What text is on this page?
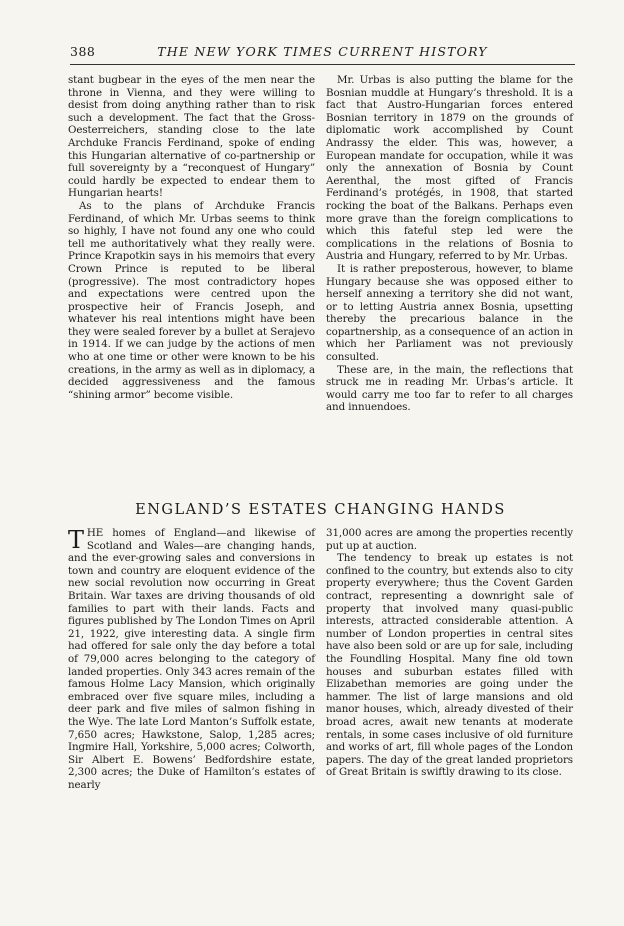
388	THE NEW YORK TIMES CURRENT HISTORY

stant bugbear in the eyes of the men near the throne in Vienna, and they were willing to desist from doing anything rather than to risk such a development. The fact that the Gross-Oesterreichers, standing close to the late Archduke Francis Ferdinand, spoke of ending this Hungarian alternative of co-partnership or full sovereignty by a “reconquest of Hungary” could hardly be expected to endear them to Hungarian hearts!

As to the plans of Archduke Francis Ferdinand, of which Mr. Urbas seems to think so highly, I have not found any one who could tell me authoritatively what they really were. Prince Krapotkin says in his memoirs that every Crown Prince is reputed to be liberal (progressive). The most contradictory hopes and expectations were centred upon the prospective heir of Francis Joseph, and whatever his real intentions might have been they were sealed forever by a bullet at Serajevo in 1914. If we can judge by the actions of men who at one time or other were known to be his creations, in the army as well as in diplomacy, a decided aggressiveness and the famous “shining armor” become visible.

Mr. Urbas is also putting the blame for the Bosnian muddle at Hungary’s threshold. It is a fact that Austro-Hungarian forces entered Bosnian territory in 1879 on the grounds of diplomatic work accomplished by Count Andrassy the elder. This was, however, a European mandate for occupation, while it was only the annexation of Bosnia by Count Aerenthal, the most gifted of Francis Ferdinand’s protégés, in 1908, that started rocking the boat of the Balkans. Perhaps even more grave than the foreign complications to which this fateful step led were the complications in the relations of Bosnia to Austria and Hungary, referred to by Mr. Urbas.

It is rather preposterous, however, to blame Hungary because she was opposed either to herself annexing a territory she did not want, or to letting Austria annex Bosnia, upsetting thereby the precarious balance in the copartnership, as a consequence of an action in which her Parliament was not previously consulted.

These are, in the main, the reflections that struck me in reading Mr. Urbas’s article. It would carry me too far to refer to all charges and innuendoes.

ENGLAND’S ESTATES CHANGING HANDS

THE homes of England—and likewise of Scotland and Wales—are changing hands, and the ever-growing sales and conversions in town and country are eloquent evidence of the new social revolution now occurring in Great Britain. War taxes are driving thousands of old families to part with their lands. Facts and figures published by The London Times on April 21, 1922, give interesting data. A single firm had offered for sale only the day before a total of 79,000 acres belonging to the category of landed properties. Only 343 acres remain of the famous Holme Lacy Mansion, which originally embraced over five square miles, including a deer park and five miles of salmon fishing in the Wye. The late Lord Manton’s Suffolk estate, 7,650 acres; Hawkstone, Salop, 1,285 acres; Ingmire Hall, Yorkshire, 5,000 acres; Colworth, Sir Albert E. Bowens’ Bedfordshire estate, 2,300 acres; the Duke of Hamilton’s estates of nearly

31,000 acres are among the properties recently put up at auction.

The tendency to break up estates is not confined to the country, but extends also to city property everywhere; thus the Covent Garden contract, representing a downright sale of property that involved many quasi-public interests, attracted considerable attention. A number of London properties in central sites have also been sold or are up for sale, including the Foundling Hospital. Many fine old town houses and suburban estates filled with Elizabethan memories are going under the hammer. The list of large mansions and old manor houses, which, already divested of their broad acres, await new tenants at moderate rentals, in some cases inclusive of old furniture and works of art, fill whole pages of the London papers. The day of the great landed proprietors of Great Britain is swiftly drawing to its close.
